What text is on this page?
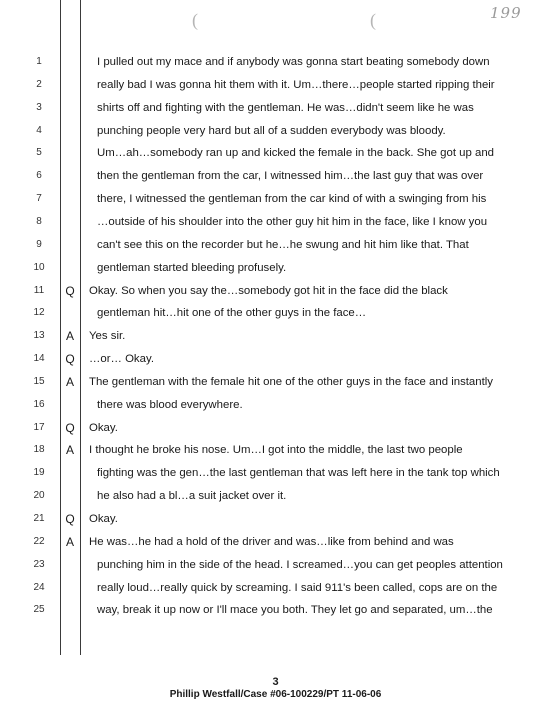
(	(	199
1	I pulled out my mace and if anybody was gonna start beating somebody down
2	really bad I was gonna hit them with it. Um…there…people started ripping their
3	shirts off and fighting with the gentleman. He was…didn't seem like he was
4	punching people very hard but all of a sudden everybody was bloody.
5	Um…ah…somebody ran up and kicked the female in the back. She got up and
6	then the gentleman from the car, I witnessed him…the last guy that was over
7	there, I witnessed the gentleman from the car kind of with a swinging from his
8	…outside of his shoulder into the other guy hit him in the face, like I know you
9	can't see this on the recorder but he…he swung and hit him like that. That
10	gentleman started bleeding profusely.
11	Q Okay. So when you say the…somebody got hit in the face did the black
12	gentleman hit…hit one of the other guys in the face…
13	A	Yes sir.
14	Q …or… Okay.
15	A	The gentleman with the female hit one of the other guys in the face and instantly
16	there was blood everywhere.
17	Q Okay.
18	A	I thought he broke his nose. Um…I got into the middle, the last two people
19	fighting was the gen…the last gentleman that was left here in the tank top which
20	he also had a bl…a suit jacket over it.
21	Q Okay.
22	A	He was…he had a hold of the driver and was…like from behind and was
23	punching him in the side of the head. I screamed…you can get peoples attention
24	really loud…really quick by screaming. I said 911's been called, cops are on the
25	way, break it up now or I'll mace you both. They let go and separated, um…the
3
Phillip Westfall/Case #06-100229/PT 11-06-06
